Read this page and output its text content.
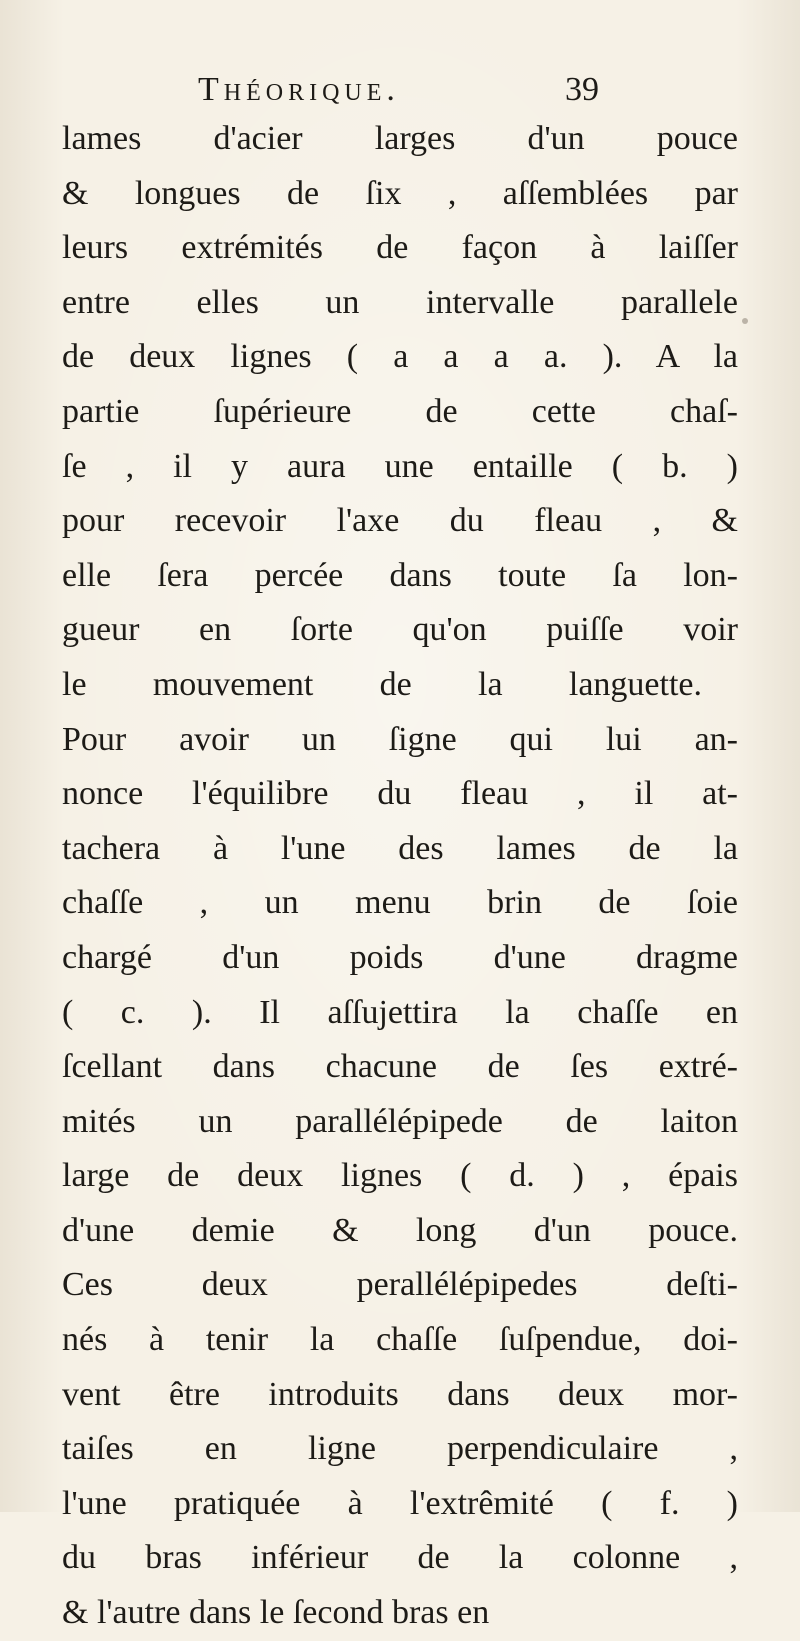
Théorique.	39
lames d'acier larges d'un pouce
& longues de ſix , aſſemblées par
leurs extrémités de façon à laiſſer
entre elles un intervalle parallele
de deux lignes ( a a a a. ). A la
partie ſupérieure de cette chaſ-
ſe , il y aura une entaille ( b. )
pour recevoir l'axe du fleau , &
elle ſera percée dans toute ſa lon-
gueur en ſorte qu'on puiſſe voir
le mouvement de la languette.
Pour avoir un ſigne qui lui an-
nonce l'équilibre du fleau , il at-
tachera à l'une des lames de la
chaſſe , un menu brin de ſoie
chargé d'un poids d'une dragme
( c. ). Il aſſujettira la chaſſe en
ſcellant dans chacune de ſes extré-
mités un parallélépipede de laiton
large de deux lignes ( d. ) , épais
d'une demie & long d'un pouce.
Ces deux perallélépipedes deſti-
nés à tenir la chaſſe ſuſpendue, doi-
vent être introduits dans deux mor-
taiſes en ligne perpendiculaire ,
l'une pratiquée à l'extrêmité ( f. )
du bras inférieur de la colonne ,
& l'autre dans le ſecond bras en
